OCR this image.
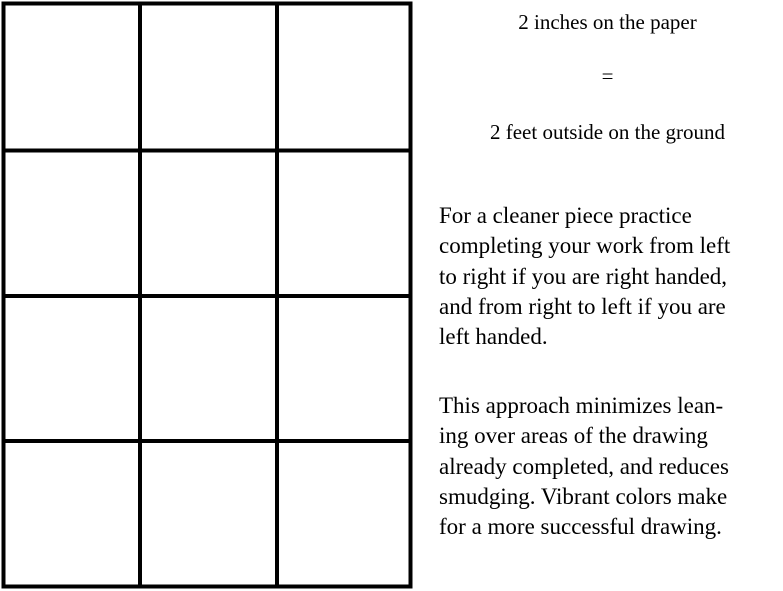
2 inches on the paper
=
2 feet outside on the ground

For a cleaner piece practice
completing your work from left
to right if you are right handed,
and from right to left if you are
left handed.

This approach minimizes lean-
ing over areas of the drawing
already completed, and reduces
smudging. Vibrant colors make
for a more successful drawing.
